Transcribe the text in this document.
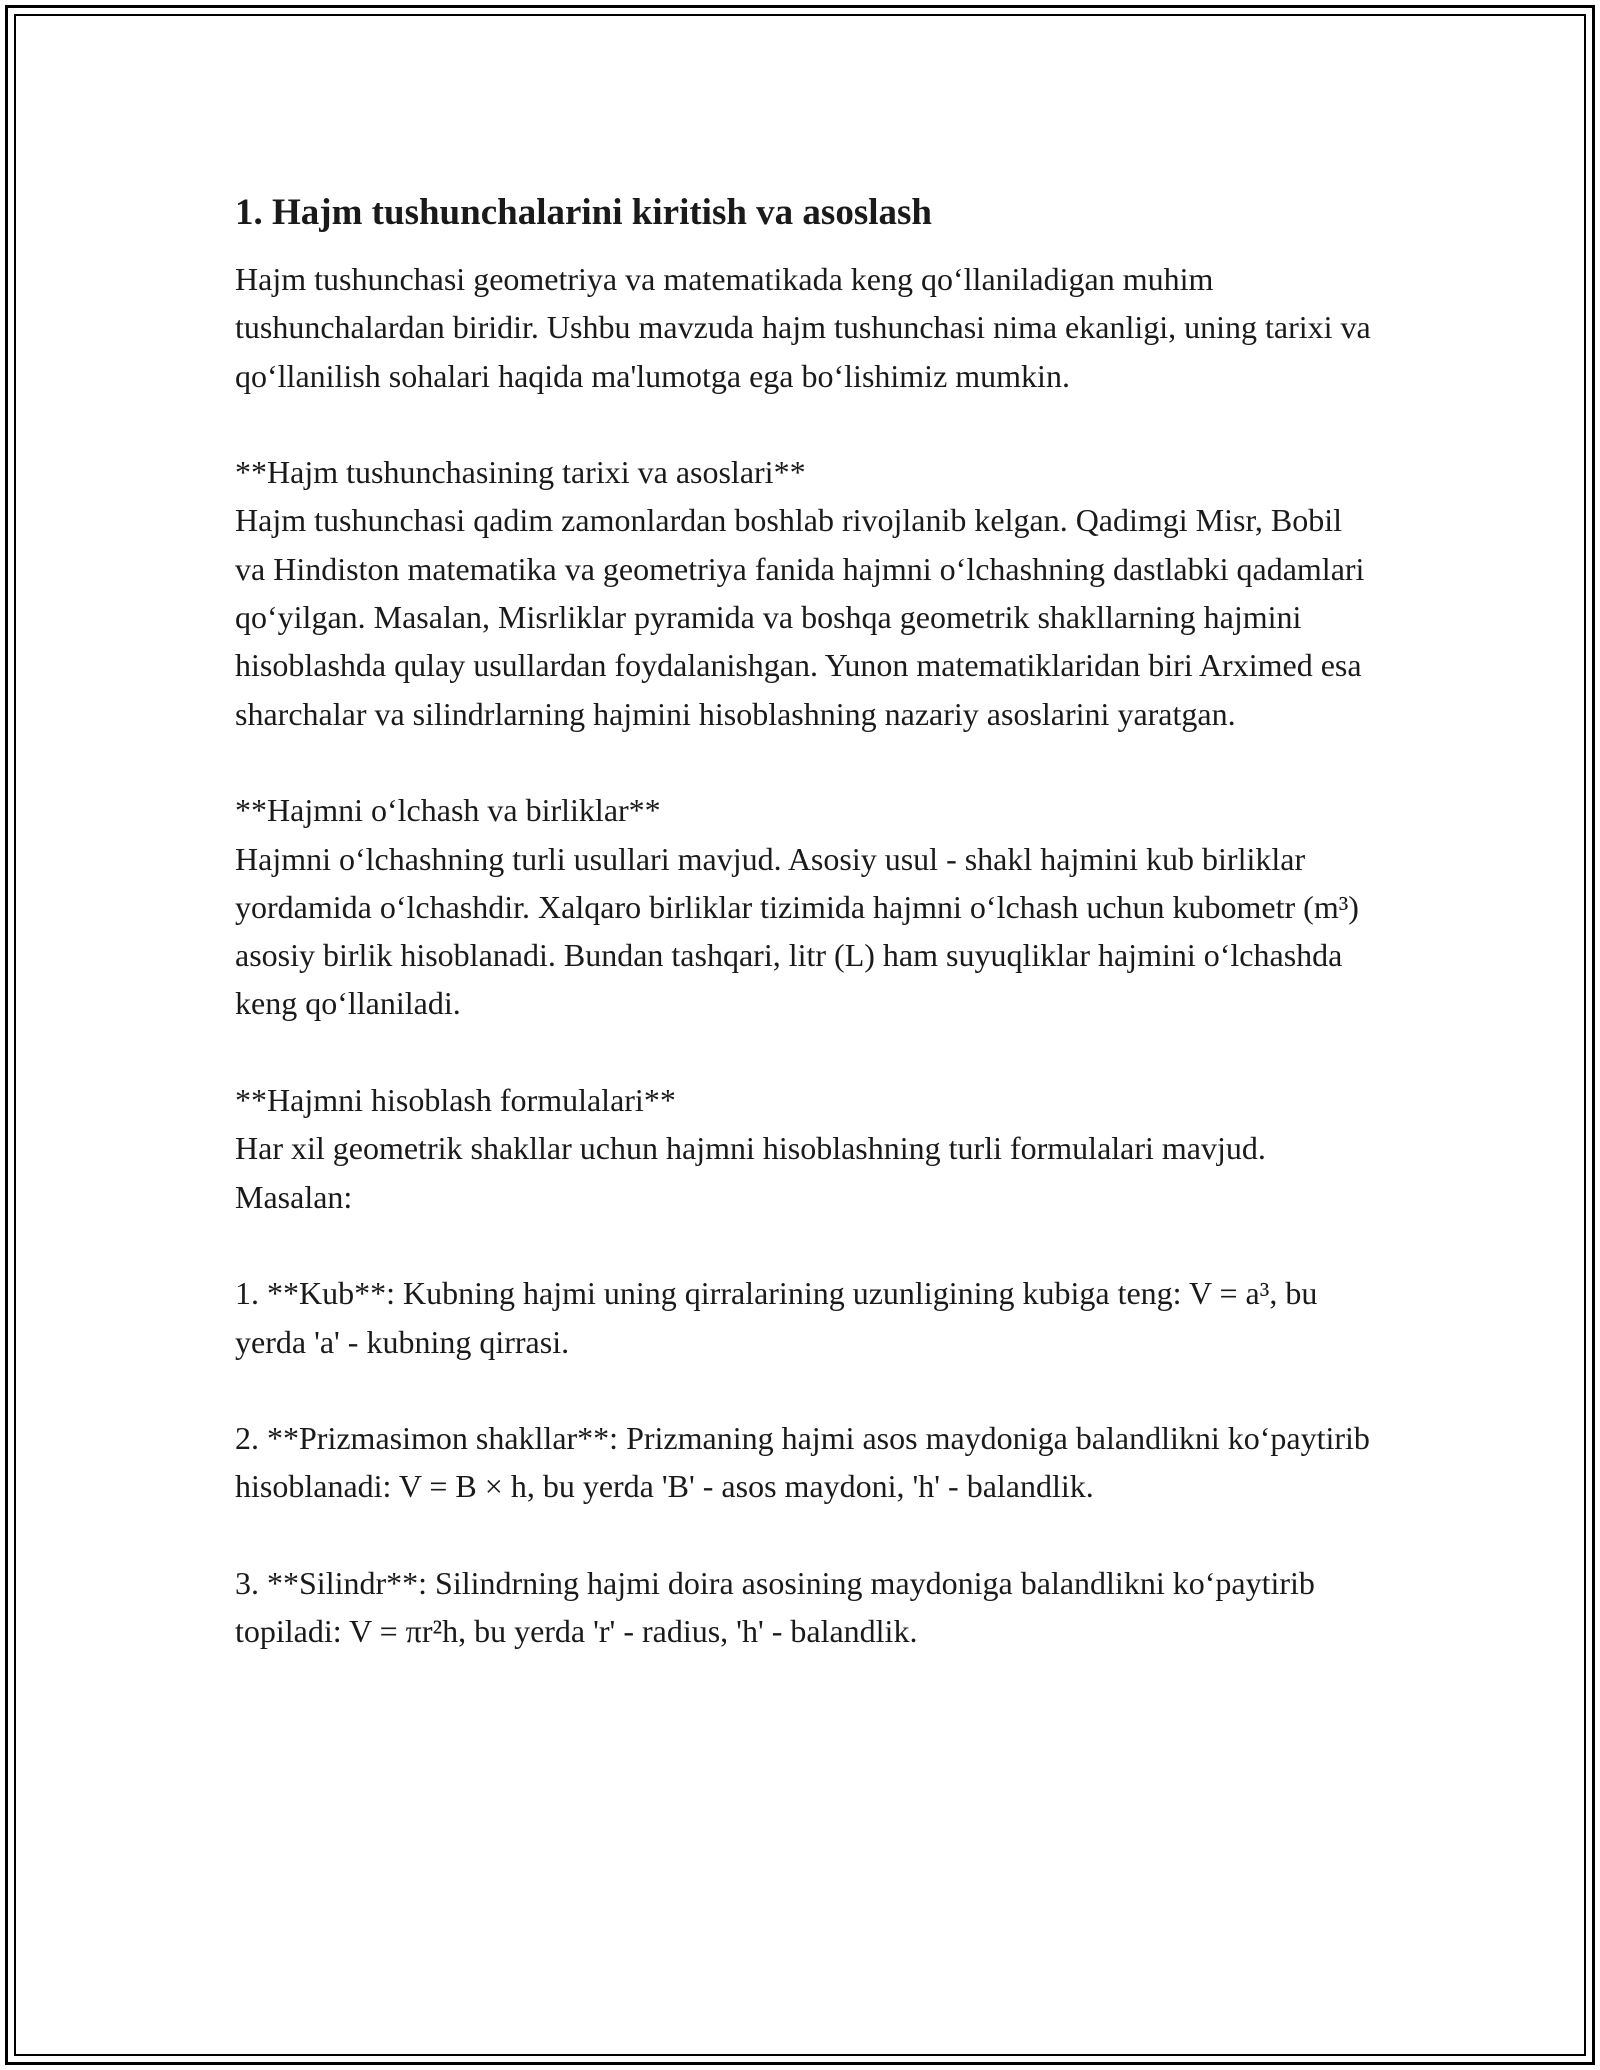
1. Hajm tushunchalarini kiritish va asoslash

Hajm tushunchasi geometriya va matematikada keng qo‘llaniladigan muhim tushunchalardan biridir. Ushbu mavzuda hajm tushunchasi nima ekanligi, uning tarixi va qo‘llanilish sohalari haqida ma'lumotga ega bo‘lishimiz mumkin.

**Hajm tushunchasining tarixi va asoslari**
Hajm tushunchasi qadim zamonlardan boshlab rivojlanib kelgan. Qadimgi Misr, Bobil va Hindiston matematika va geometriya fanida hajmni o‘lchashning dastlabki qadamlari qo‘yilgan. Masalan, Misrliklar pyramida va boshqa geometrik shakllarning hajmini hisoblashda qulay usullardan foydalanishgan. Yunon matematiklaridan biri Arximed esa sharchalar va silindrlarning hajmini hisoblashning nazariy asoslarini yaratgan.

**Hajmni o‘lchash va birliklar**
Hajmni o‘lchashning turli usullari mavjud. Asosiy usul - shakl hajmini kub birliklar yordamida o‘lchashdir. Xalqaro birliklar tizimida hajmni o‘lchash uchun kubometr (m³) asosiy birlik hisoblanadi. Bundan tashqari, litr (L) ham suyuqliklar hajmini o‘lchashda keng qo‘llaniladi.

**Hajmni hisoblash formulalari**
Har xil geometrik shakllar uchun hajmni hisoblashning turli formulalari mavjud. Masalan:

1. **Kub**: Kubning hajmi uning qirralarining uzunligining kubiga teng: V = a³, bu yerda 'a' - kubning qirrasi.

2. **Prizmasimon shakllar**: Prizmaning hajmi asos maydoniga balandlikni ko‘paytirib hisoblanadi: V = B × h, bu yerda 'B' - asos maydoni, 'h' - balandlik.

3. **Silindr**: Silindrning hajmi doira asosining maydoniga balandlikni ko‘paytirib topiladi: V = πr²h, bu yerda 'r' - radius, 'h' - balandlik.
